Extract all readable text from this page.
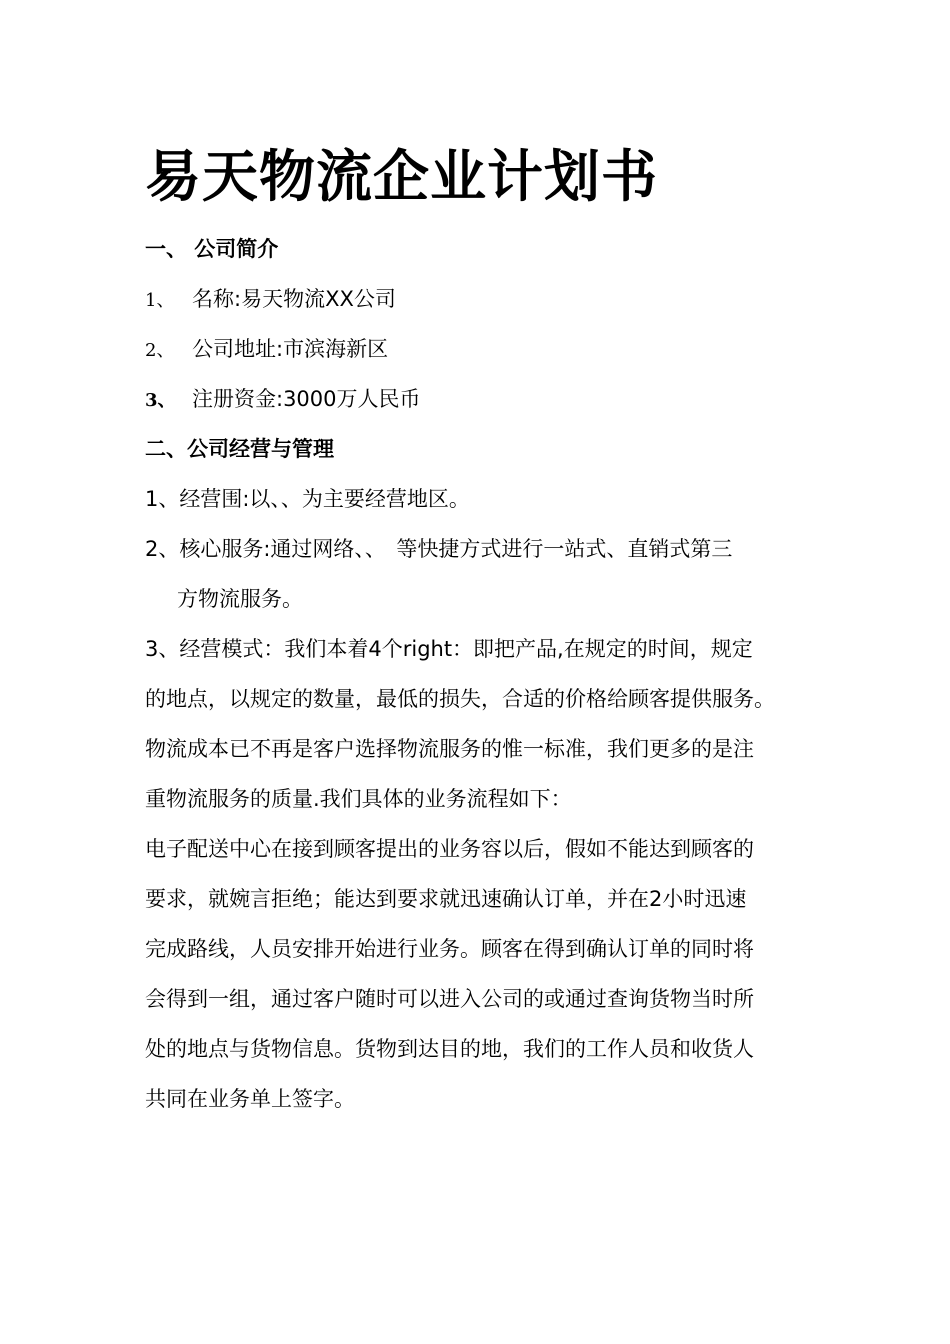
易天物流企业计划书
一、 公司简介
1、 名称:易天物流XX公司
2、 公司地址:市滨海新区
3、 注册资金:3000万人民币
二、公司经营与管理
1、经营围:以、、为主要经营地区。
2、核心服务:通过网络、、　等快捷方式进行一站式、直销式第三
方物流服务。
3、经营模式：我们本着4个right：即把产品,在规定的时间，规定
的地点，以规定的数量，最低的损失，合适的价格给顾客提供服务。
物流成本已不再是客户选择物流服务的惟一标准，我们更多的是注
重物流服务的质量.我们具体的业务流程如下：
电子配送中心在接到顾客提出的业务容以后，假如不能达到顾客的
要求，就婉言拒绝；能达到要求就迅速确认订单，并在2小时迅速
完成路线，人员安排开始进行业务。顾客在得到确认订单的同时将
会得到一组，通过客户随时可以进入公司的或通过查询货物当时所
处的地点与货物信息。货物到达目的地，我们的工作人员和收货人
共同在业务单上签字。
